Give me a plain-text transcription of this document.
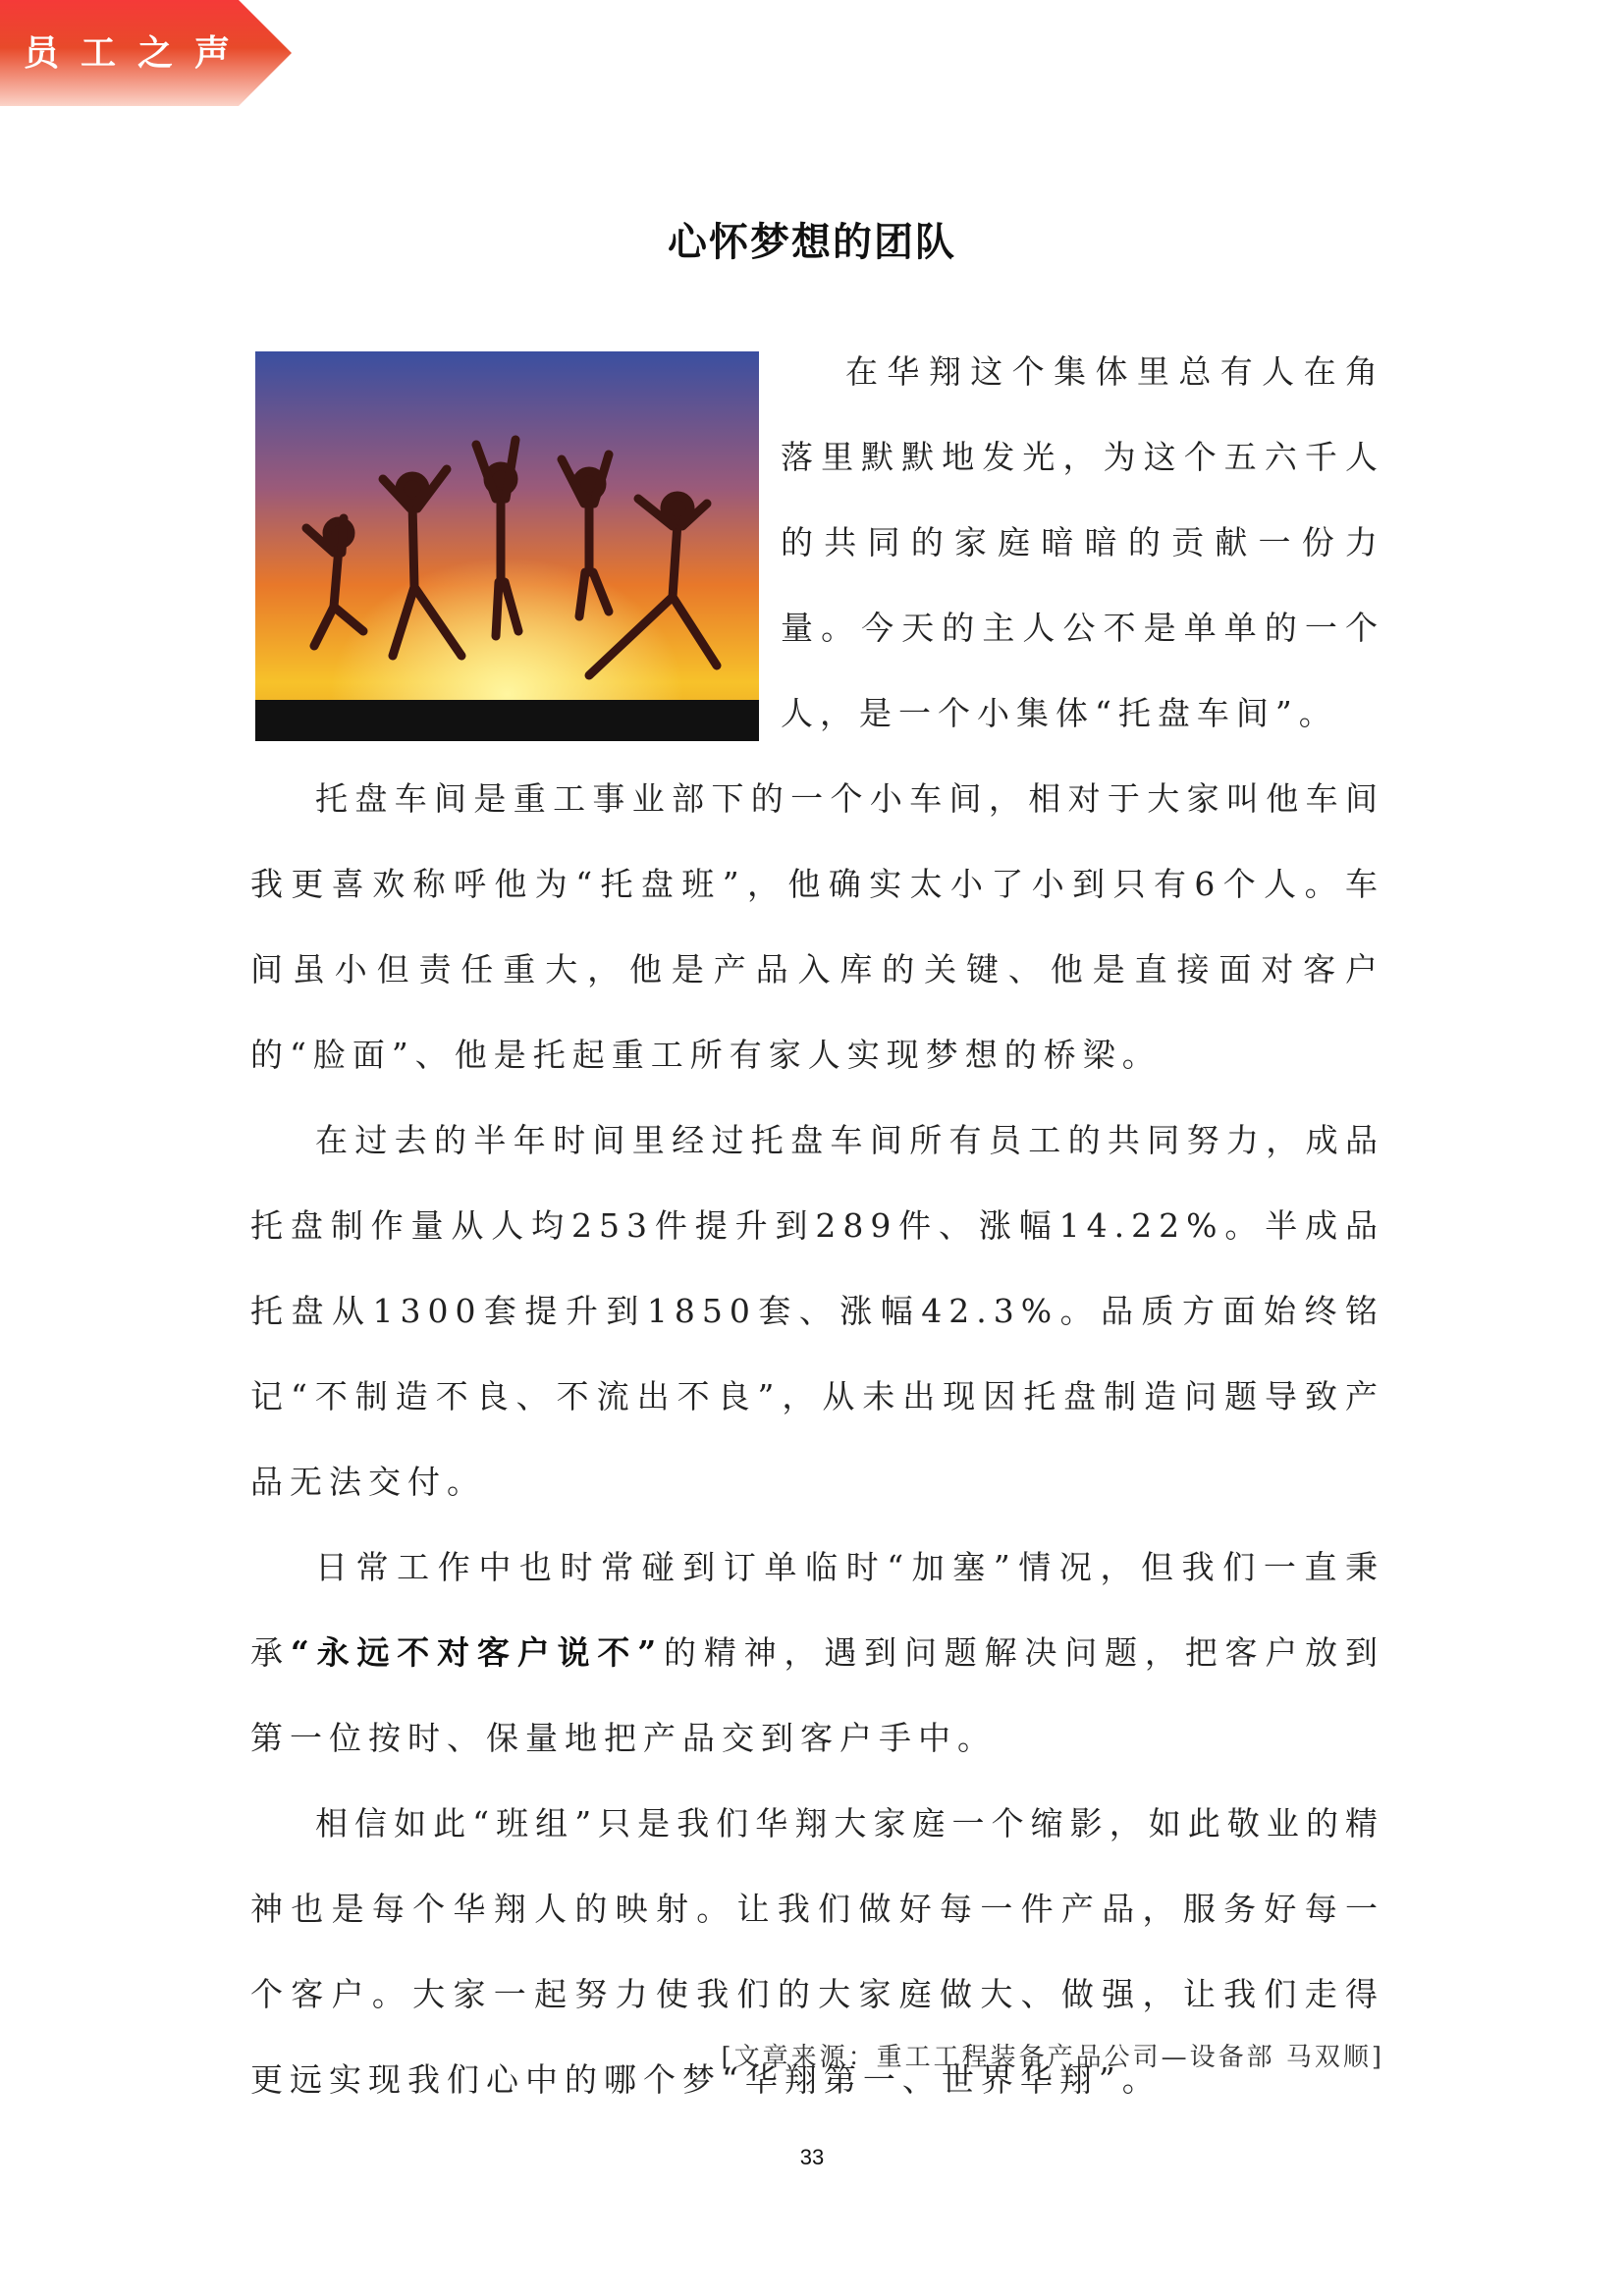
员工之声
心怀梦想的团队

在华翔这个集体里总有人在角落里默默地发光，为这个五六千人的共同的家庭暗暗的贡献一份力量。今天的主人公不是单单的一个人，是一个小集体“托盘车间”。

托盘车间是重工事业部下的一个小车间，相对于大家叫他车间我更喜欢称呼他为“托盘班”，他确实太小了小到只有6个人。车间虽小但责任重大，他是产品入库的关键、他是直接面对客户的“脸面”、他是托起重工所有家人实现梦想的桥梁。

在过去的半年时间里经过托盘车间所有员工的共同努力，成品托盘制作量从人均253件提升到289件、涨幅14.22%。半成品托盘从1300套提升到1850套、涨幅42.3%。品质方面始终铭记“不制造不良、不流出不良”，从未出现因托盘制造问题导致产品无法交付。

日常工作中也时常碰到订单临时“加塞”情况，但我们一直秉承“永远不对客户说不”的精神，遇到问题解决问题，把客户放到第一位按时、保量地把产品交到客户手中。

相信如此“班组”只是我们华翔大家庭一个缩影，如此敬业的精神也是每个华翔人的映射。让我们做好每一件产品，服务好每一个客户。大家一起努力使我们的大家庭做大、做强，让我们走得更远实现我们心中的哪个梦“华翔第一、世界华翔”。

[文章来源：重工工程装备产品公司—设备部 马双顺]
33
